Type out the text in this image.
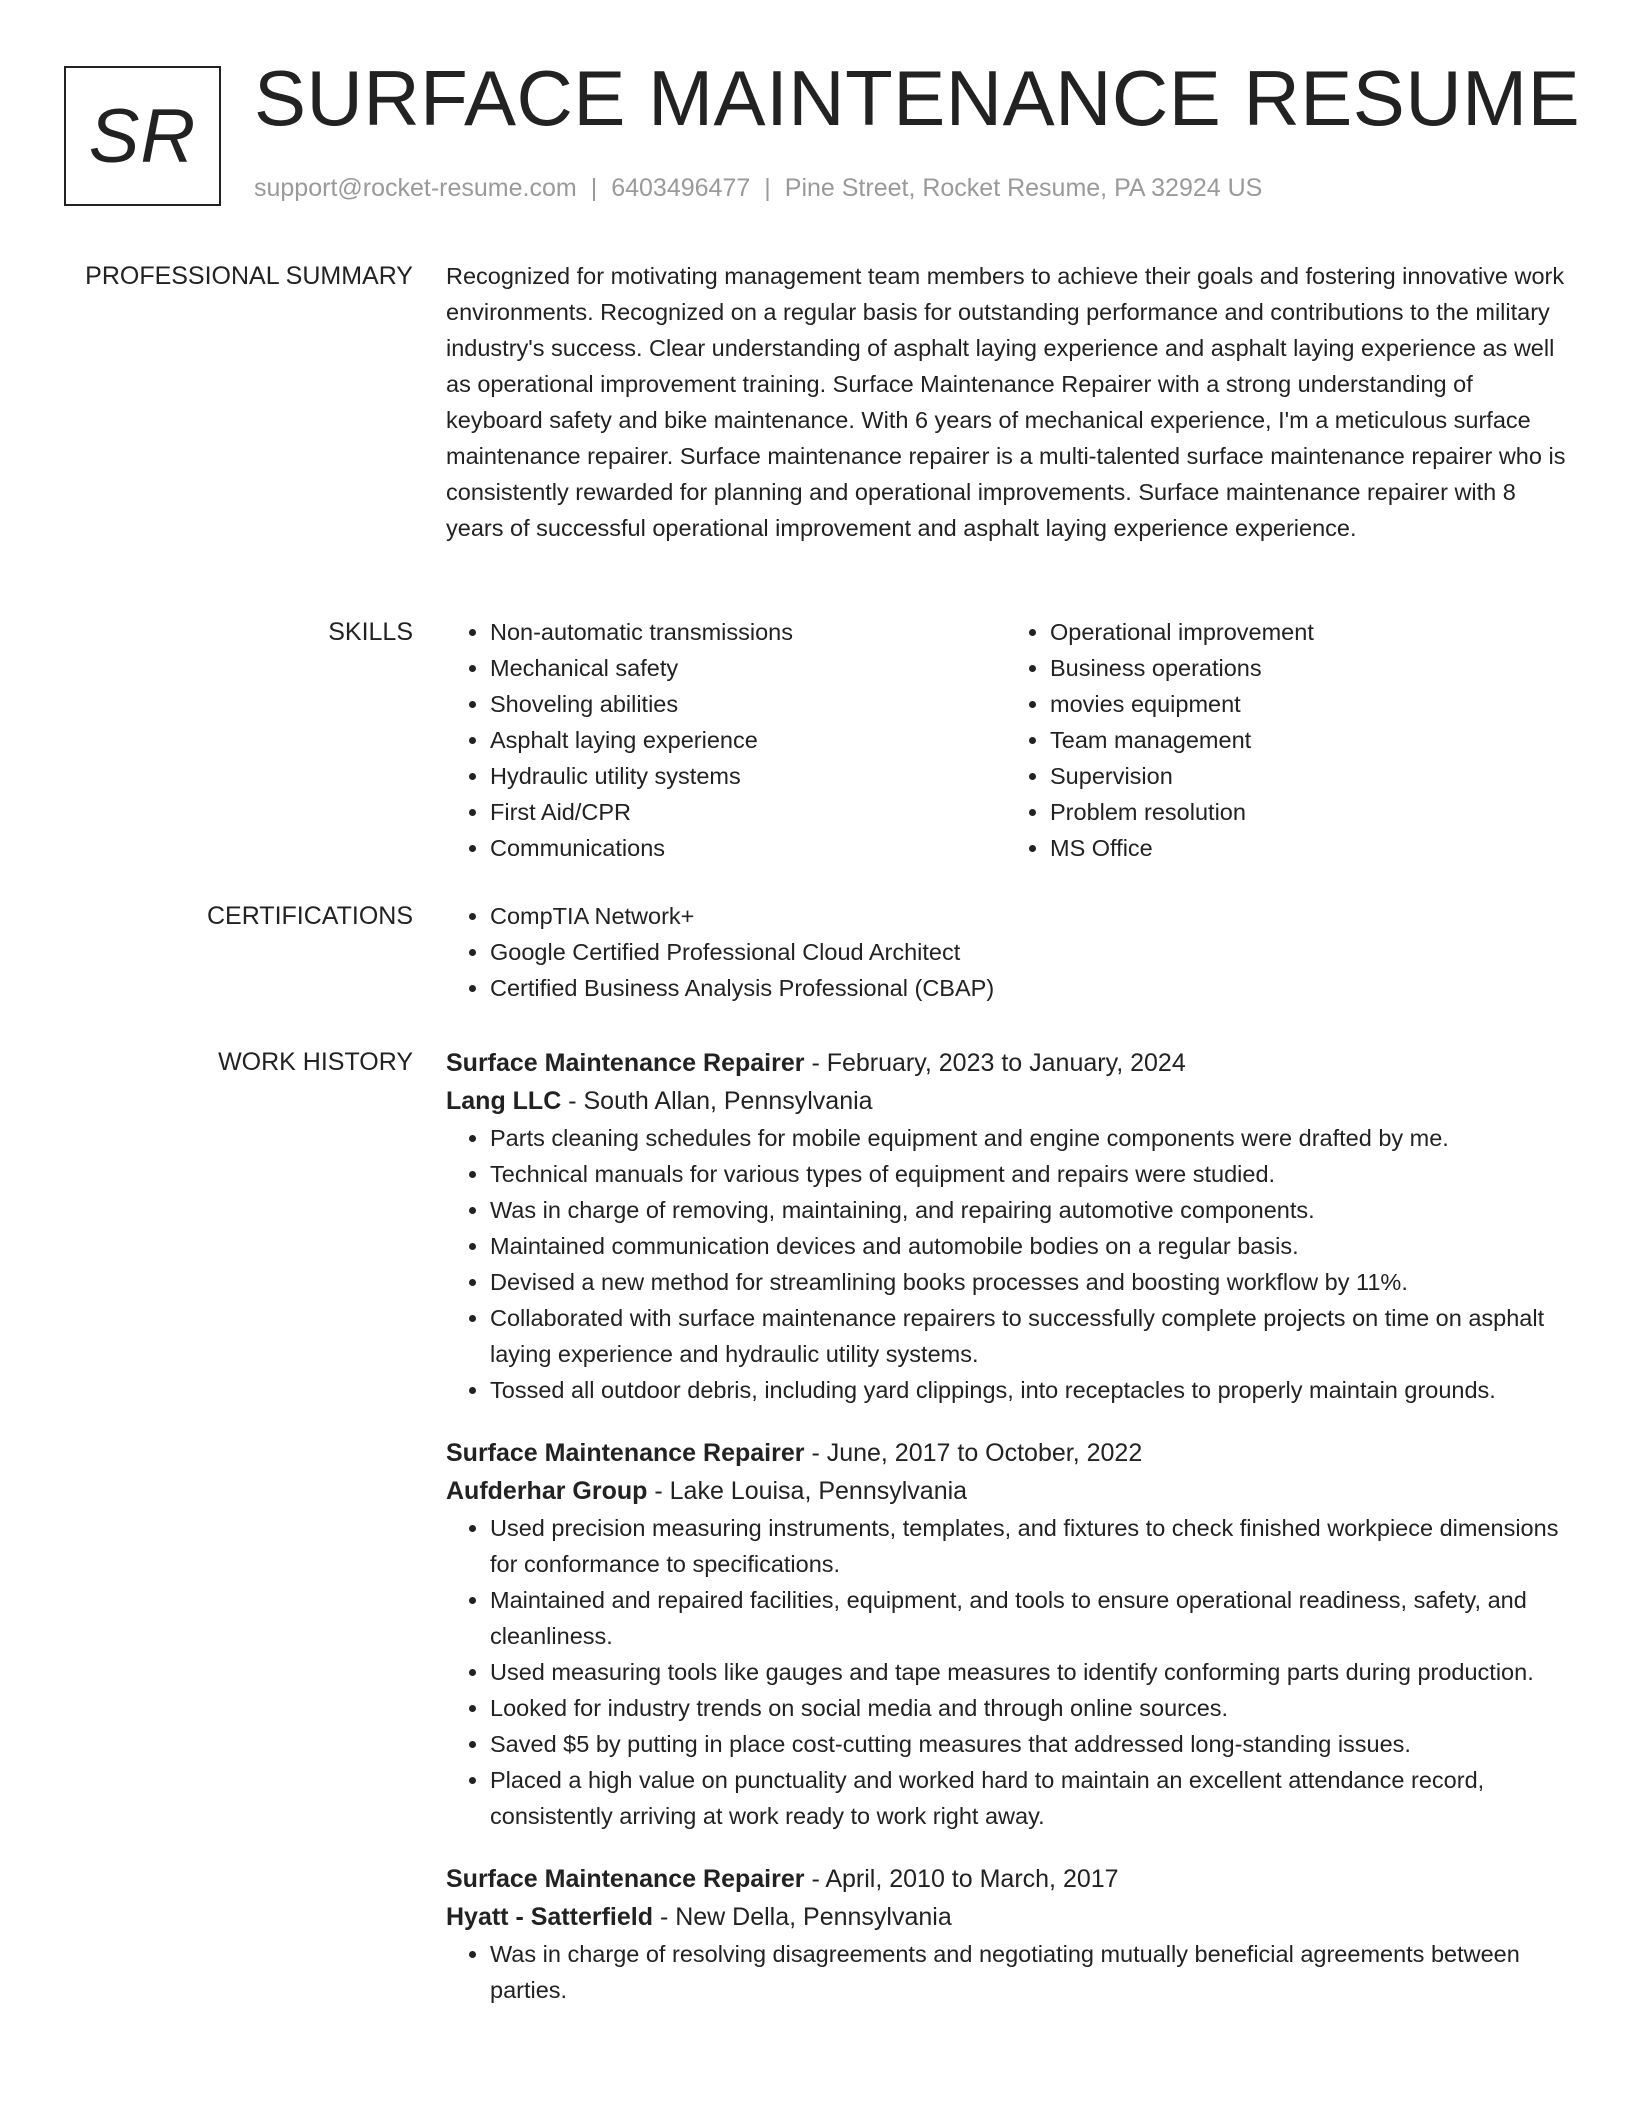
SR SURFACE MAINTENANCE RESUME
support@rocket-resume.com | 6403496477 | Pine Street, Rocket Resume, PA 32924 US
PROFESSIONAL SUMMARY Recognized for motivating management team members to achieve their goals and fostering innovative work environments. Recognized on a regular basis for outstanding performance and contributions to the military industry's success. Clear understanding of asphalt laying experience and asphalt laying experience as well as operational improvement training. Surface Maintenance Repairer with a strong understanding of keyboard safety and bike maintenance. With 6 years of mechanical experience, I'm a meticulous surface maintenance repairer. Surface maintenance repairer is a multi-talented surface maintenance repairer who is consistently rewarded for planning and operational improvements. Surface maintenance repairer with 8 years of successful operational improvement and asphalt laying experience experience.

SKILLS	• Non-automatic transmissions
• Mechanical safety
• Shoveling abilities
• Asphalt laying experience
• Hydraulic utility systems
• First Aid/CPR
• Communications
• Operational improvement
• Business operations
• movies equipment
• Team management
• Supervision
• Problem resolution
• MS Office
CERTIFICATIONS	• CompTIA Network+
• Google Certified Professional Cloud Architect
• Certified Business Analysis Professional (CBAP)
WORK HISTORY Surface Maintenance Repairer - February, 2023 to January, 2024
Lang LLC - South Allan, Pennsylvania
• Parts cleaning schedules for mobile equipment and engine components were drafted by me.
• Technical manuals for various types of equipment and repairs were studied.
• Was in charge of removing, maintaining, and repairing automotive components.
• Maintained communication devices and automobile bodies on a regular basis.
• Devised a new method for streamlining books processes and boosting workflow by 11%.
• Collaborated with surface maintenance repairers to successfully complete projects on time on asphalt laying experience and hydraulic utility systems.
• Tossed all outdoor debris, including yard clippings, into receptacles to properly maintain grounds.
Surface Maintenance Repairer - June, 2017 to October, 2022
Aufderhar Group - Lake Louisa, Pennsylvania
• Used precision measuring instruments, templates, and fixtures to check finished workpiece dimensions for conformance to specifications.
• Maintained and repaired facilities, equipment, and tools to ensure operational readiness, safety, and cleanliness.
• Used measuring tools like gauges and tape measures to identify conforming parts during production.
• Looked for industry trends on social media and through online sources.
• Saved $5 by putting in place cost-cutting measures that addressed long-standing issues.
• Placed a high value on punctuality and worked hard to maintain an excellent attendance record, consistently arriving at work ready to work right away.
Surface Maintenance Repairer - April, 2010 to March, 2017
Hyatt - Satterfield - New Della, Pennsylvania
• Was in charge of resolving disagreements and negotiating mutually beneficial agreements between parties.
